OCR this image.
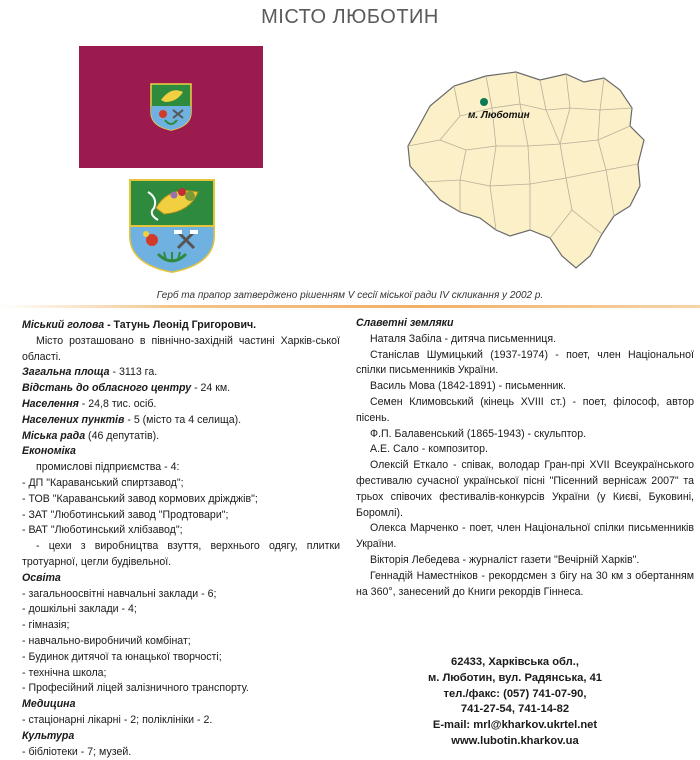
МІСТО ЛЮБОТИН
м. Люботин
Герб та прапор затверджено рішенням V сесії міської ради IV скликання у 2002 р.

Міський голова - Татунь Леонід Григорович.

Місто розташовано в північно-західній частині Харків-ської області.

Загальна площа - 3113 га.

Відстань до обласного центру - 24 км.

Населення - 24,8 тис. осіб.

Населених пунктів - 5 (місто та 4 селища).

Міська рада (46 депутатів).

Економіка

промислові підприємства - 4:

- ДП "Караванський спиртзавод";

- ТОВ "Караванський завод кормових дріжджів";

- ЗАТ "Люботинський завод "Продтовари";

- ВАТ "Люботинський хлібзавод";

- цехи з виробництва взуття, верхнього одягу, плитки тротуарної, цегли будівельної.

Освіта

- загальноосвітні навчальні заклади - 6;

- дошкільні заклади - 4;

- гімназія;

- навчально-виробничий комбінат;

- Будинок дитячої та юнацької творчості;

- технічна школа;

- Професійний ліцей залізничного транспорту.

Медицина

- стаціонарні лікарні - 2; поліклініки - 2.

Культура

- бібліотеки - 7; музей.

Славетні земляки

Наталя Забіла - дитяча письменниця.

Станіслав Шумицький (1937-1974) - поет, член Національної спілки письменників України.

Василь Мова (1842-1891) - письменник.

Семен Климовський (кінець XVIII ст.) - поет, філософ, автор пісень.

Ф.П. Балавенський (1865-1943) - скульптор.

А.Е. Сало - композитор.

Олексій Еткало - співак, володар Гран-прі XVII Всеукраїнського фестивалю сучасної української пісні "Пісенний вернісаж 2007" та трьох співочих фестивалів-конкурсів України (у Києві, Буковині, Боромлі).

Олекса Марченко - поет, член Національної спілки письменників України.

Вікторія Лебедева - журналіст газети "Вечірній Харків".

Геннадій Наместніков - рекордсмен з бігу на 30 км з обертанням на 360°, занесений до Книги рекордів Гіннеса.

62433, Харківська обл.,
м. Люботин, вул. Радянська, 41
тел./факс: (057) 741-07-90,
741-27-54, 741-14-82
E-mail: mrl@kharkov.ukrtel.net
www.lubotin.kharkov.ua
